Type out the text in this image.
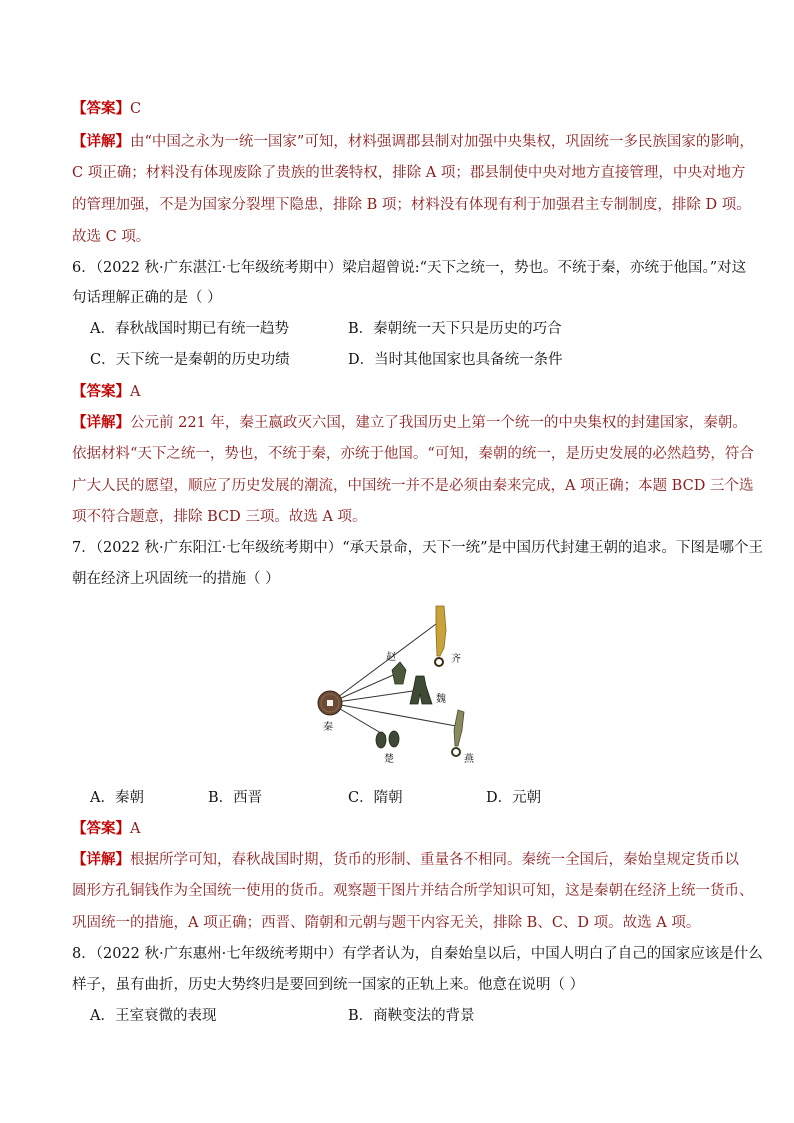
【答案】C
【详解】由“中国之永为一统一国家”可知，材料强调郡县制对加强中央集权，巩固统一多民族国家的影响，
C 项正确；材料没有体现废除了贵族的世袭特权，排除 A 项；郡县制使中央对地方直接管理，中央对地方
的管理加强，不是为国家分裂埋下隐患，排除 B 项；材料没有体现有利于加强君主专制制度，排除 D 项。
故选 C 项。
6．（2022 秋·广东湛江·七年级统考期中）梁启超曾说:“天下之统一，势也。不统于秦，亦统于他国。”对这
句话理解正确的是（ ）
A．春秋战国时期已有统一趋势	B．秦朝统一天下只是历史的巧合
C．天下统一是秦朝的历史功绩	D．当时其他国家也具备统一条件
【答案】A
【详解】公元前 221 年，秦王嬴政灭六国，建立了我国历史上第一个统一的中央集权的封建国家，秦朝。
依据材料“天下之统一，势也，不统于秦，亦统于他国。“可知，秦朝的统一，是历史发展的必然趋势，符合
广大人民的愿望，顺应了历史发展的潮流，中国统一并不是必须由秦来完成，A 项正确；本题 BCD 三个选
项不符合题意，排除 BCD 三项。故选 A 项。
7．（2022 秋·广东阳江·七年级统考期中）“承天景命，天下一统”是中国历代封建王朝的追求。下图是哪个王
朝在经济上巩固统一的措施（ ）
秦
齐
赵
魏
楚	燕
A．秦朝	B．西晋	C．隋朝	D．元朝
【答案】A
【详解】根据所学可知，春秋战国时期，货币的形制、重量各不相同。秦统一全国后，秦始皇规定货币以
圆形方孔铜钱作为全国统一使用的货币。观察题干图片并结合所学知识可知，这是秦朝在经济上统一货币、
巩固统一的措施，A 项正确；西晋、隋朝和元朝与题干内容无关，排除 B、C、D 项。故选 A 项。
8．（2022 秋·广东惠州·七年级统考期中）有学者认为，自秦始皇以后，中国人明白了自己的国家应该是什么
样子，虽有曲折，历史大势终归是要回到统一国家的正轨上来。他意在说明（ ）
A．王室衰微的表现	B．商鞅变法的背景
